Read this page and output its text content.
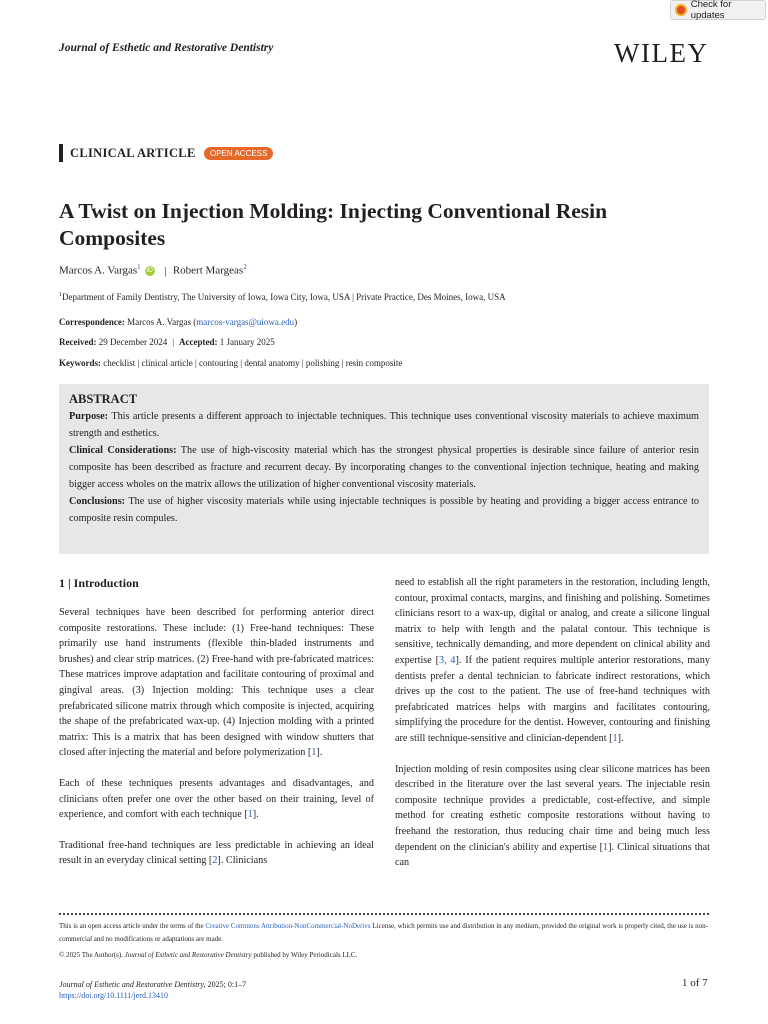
Check for updates
Journal of Esthetic and Restorative Dentistry	WILEY
CLINICAL ARTICLE	OPEN ACCESS
A Twist on Injection Molding: Injecting Conventional Resin Composites
Marcos A. Vargas$^1$ iD | Robert Margeas$^2$
$^1$Department of Family Dentistry, The University of Iowa, Iowa City, Iowa, USA | Private Practice, Des Moines, Iowa, USA
Correspondence: Marcos A. Vargas (marcos-vargas@uiowa.edu)
Received: 29 December 2024 | Accepted: 1 January 2025
Keywords: checklist | clinical article | contouring | dental anatomy | polishing | resin composite
ABSTRACT

Purpose: This article presents a different approach to injectable techniques. This technique uses conventional viscosity materials to achieve maximum strength and esthetics.

Clinical Considerations: The use of high-viscosity material which has the strongest physical properties is desirable since failure of anterior resin composite has been described as fracture and recurrent decay. By incorporating changes to the conventional injection technique, heating and making bigger access wholes on the matrix allows the utilization of higher conventional viscosity materials.

Conclusions: The use of higher viscosity materials while using injectable techniques is possible by heating and providing a bigger access entrance to composite resin compules.

1 | Introduction

Several techniques have been described for performing anterior direct composite restorations. These include: (1) Free-hand techniques: These primarily use hand instruments (flexible thin-bladed instruments and brushes) and clear strip matrices. (2) Free-hand with pre-fabricated matrices: These matrices improve adaptation and facilitate contouring of proximal and gingival areas. (3) Injection molding: This technique uses a clear prefabricated silicone matrix through which composite is injected, acquiring the shape of the prefabricated wax-up. (4) Injection molding with a printed matrix: This is a matrix that has been designed with window shutters that closed after injecting the material and before polymerization [1].

Each of these techniques presents advantages and disadvantages, and clinicians often prefer one over the other based on their training, level of experience, and comfort with each technique [1].

Traditional free-hand techniques are less predictable in achieving an ideal result in an everyday clinical setting [2]. Clinicians

need to establish all the right parameters in the restoration, including length, contour, proximal contacts, margins, and finishing and polishing. Sometimes clinicians resort to a wax-up, digital or analog, and create a silicone lingual matrix to help with length and the palatal contour. This technique is sensitive, technically demanding, and more dependent on clinical ability and expertise [3, 4]. If the patient requires multiple anterior restorations, many dentists prefer a dental technician to fabricate indirect restorations, which drives up the cost to the patient. The use of free-hand techniques with prefabricated matrices helps with margins and facilitates contouring, simplifying the procedure for the dentist. However, contouring and finishing are still technique-sensitive and clinician-dependent [1].

Injection molding of resin composites using clear silicone matrices has been described in the literature over the last several years. The injectable resin composite technique provides a predictable, cost-effective, and simple method for creating esthetic composite restorations without having to freehand the restoration, thus reducing chair time and being much less dependent on the clinician's ability and expertise [1]. Clinical situations that can

This is an open access article under the terms of the Creative Commons Attribution-NonCommercial-NoDerivs License, which permits use and distribution in any medium, provided the original work is properly cited, the use is non-commercial and no modifications or adaptations are made.
© 2025 The Author(s). Journal of Esthetic and Restorative Dentistry published by Wiley Periodicals LLC.
Journal of Esthetic and Restorative Dentistry, 2025; 0:1–7
https://doi.org/10.1111/jerd.13410
1 of 7
